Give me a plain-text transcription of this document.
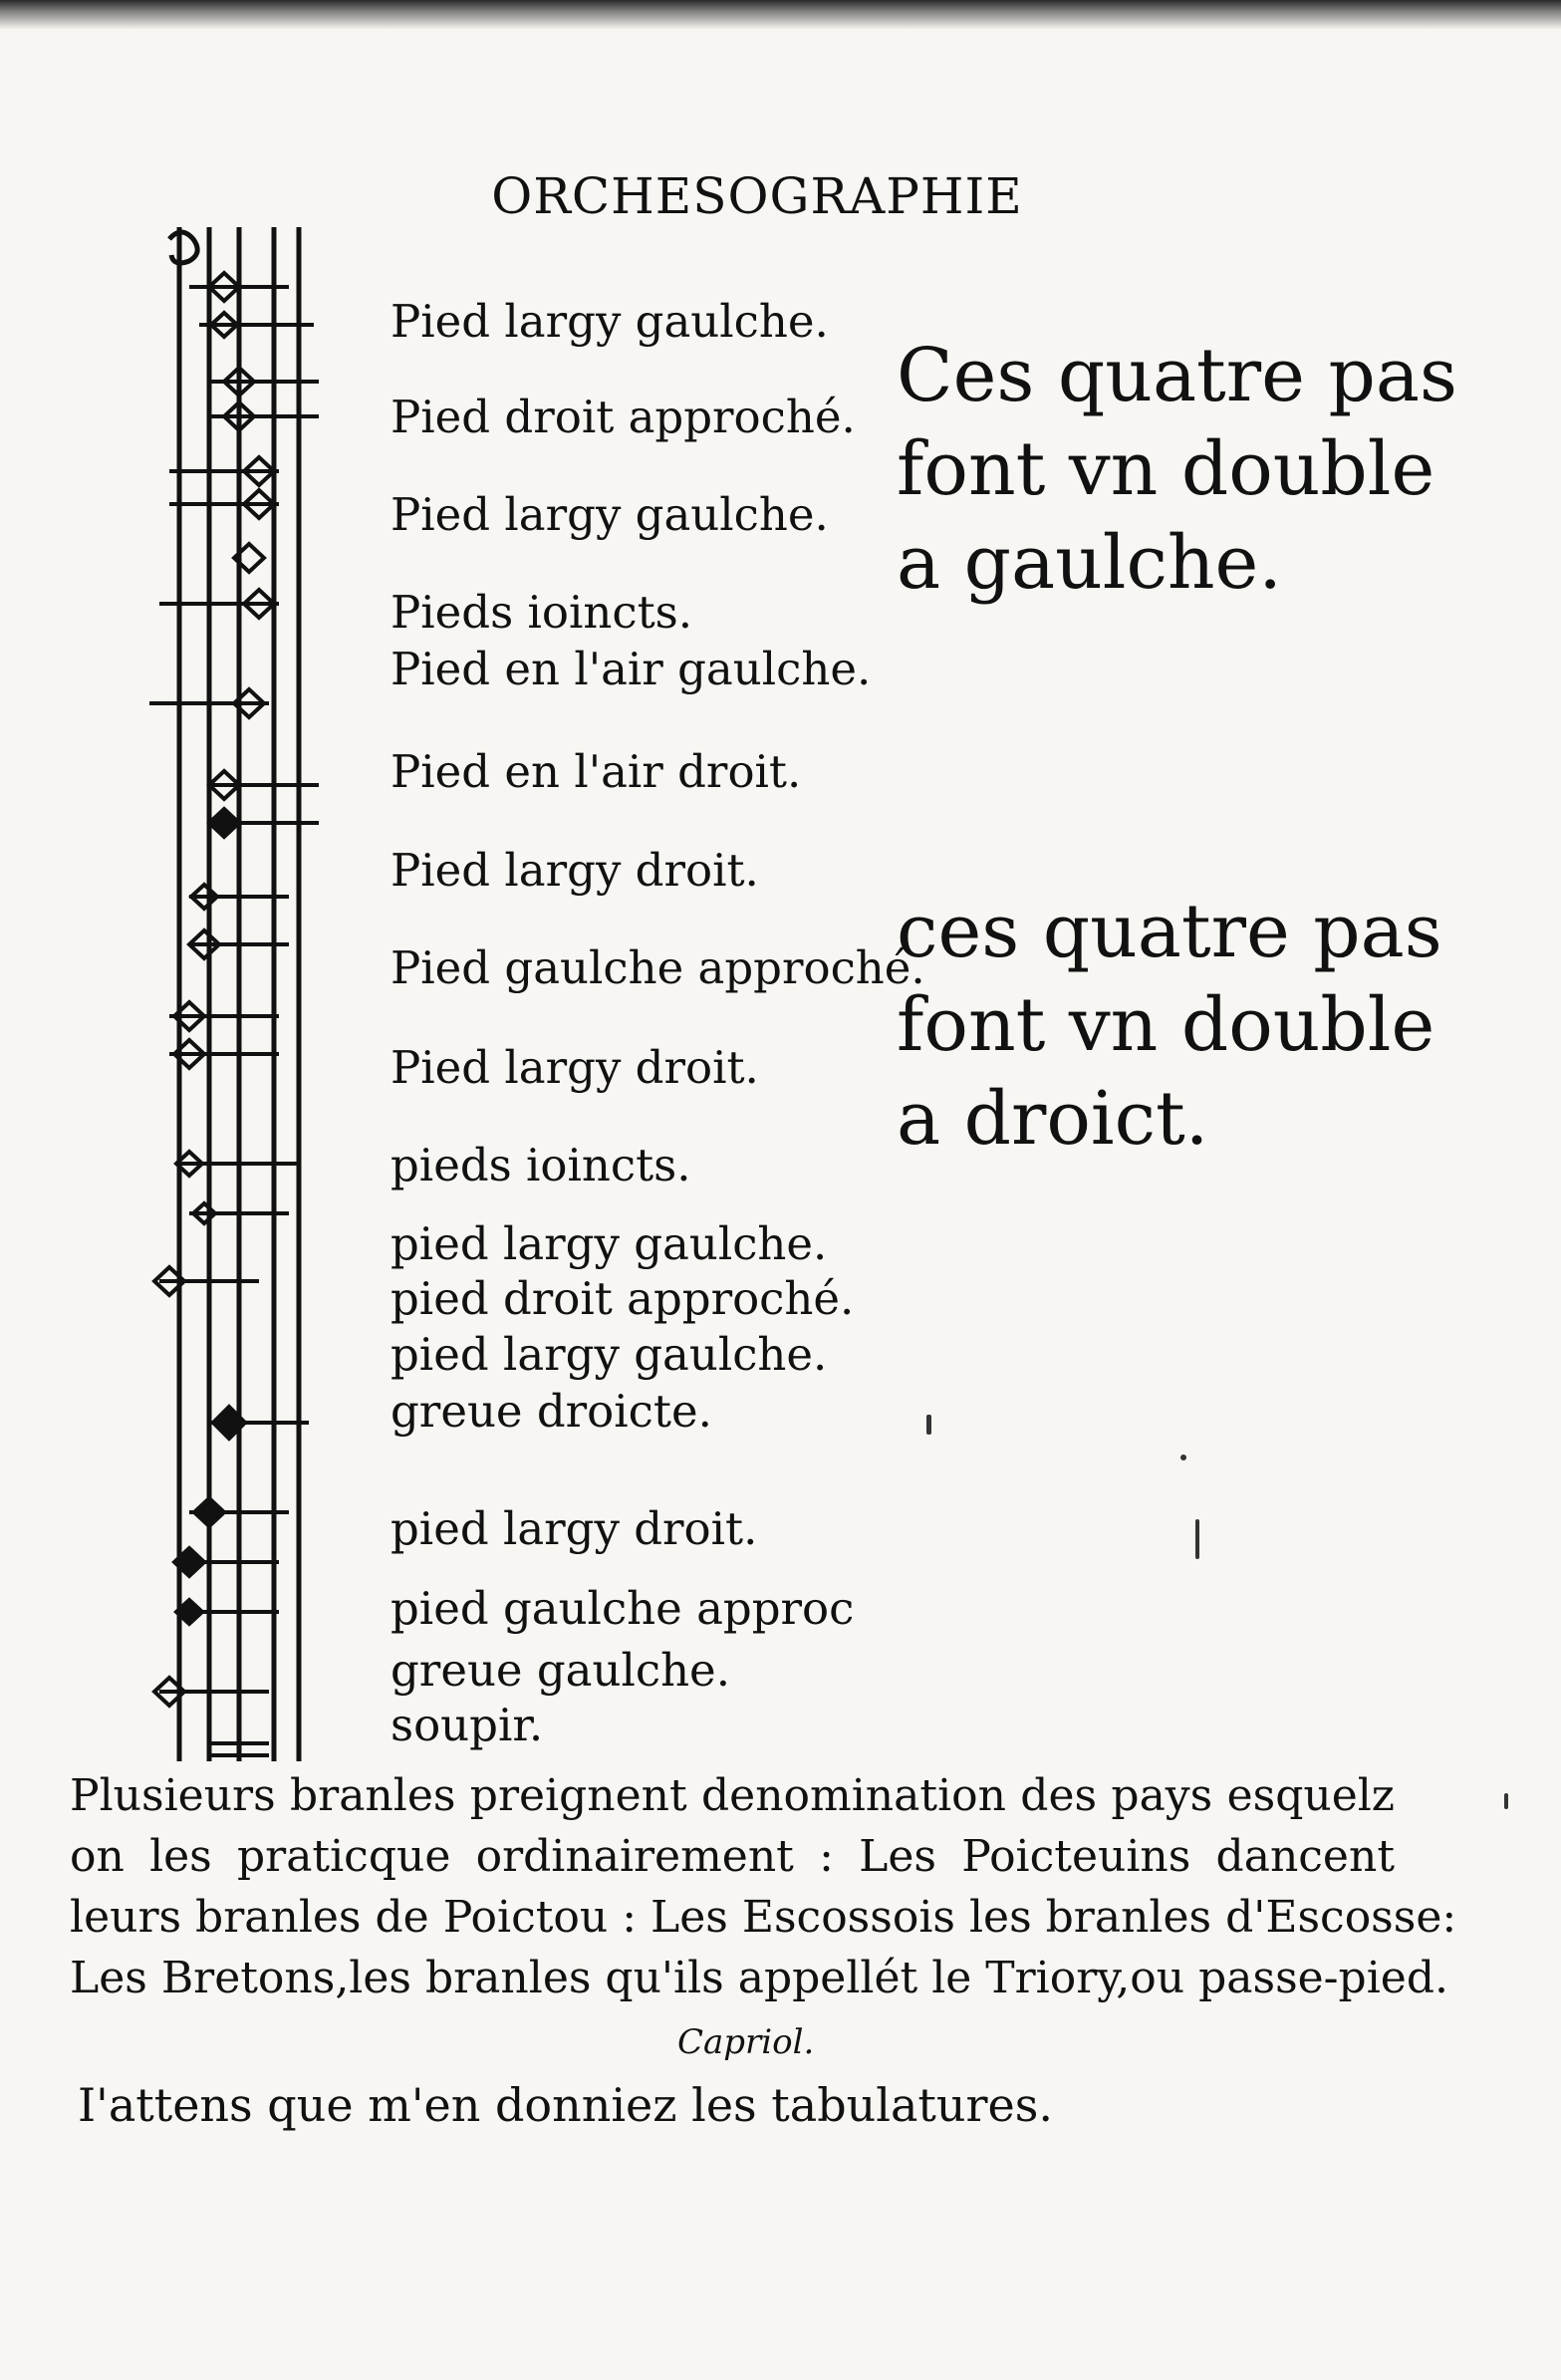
ORCHESOGRAPHIE
Pied largy gaulche.
Pied droit approché.
Pied largy gaulche.
Pieds ioincts.
Pied en l'air gaulche.
Pied en l'air droit.
Pied largy droit.
Pied gaulche approché.
Pied largy droit.
pieds ioincts.
pied largy gaulche.
pied droit approché.
pied largy gaulche.
greue droicte.
pied largy droit.
pied gaulche approc
greue gaulche.
soupir.
Ces quatre pas
font vn double
a gaulche.
ces quatre pas
font vn double
a droict.
Plusieurs branles preignent denomination des pays esquelz
on les praticque ordinairement : Les Poicteuins dancent
leurs branles de Poictou : Les Escossois les branles d'Escosse:
Les Bretons,les branles qu'ils appellét le Triory,ou passe-pied.
Capriol.
I'attens que m'en donniez les tabulatures.
